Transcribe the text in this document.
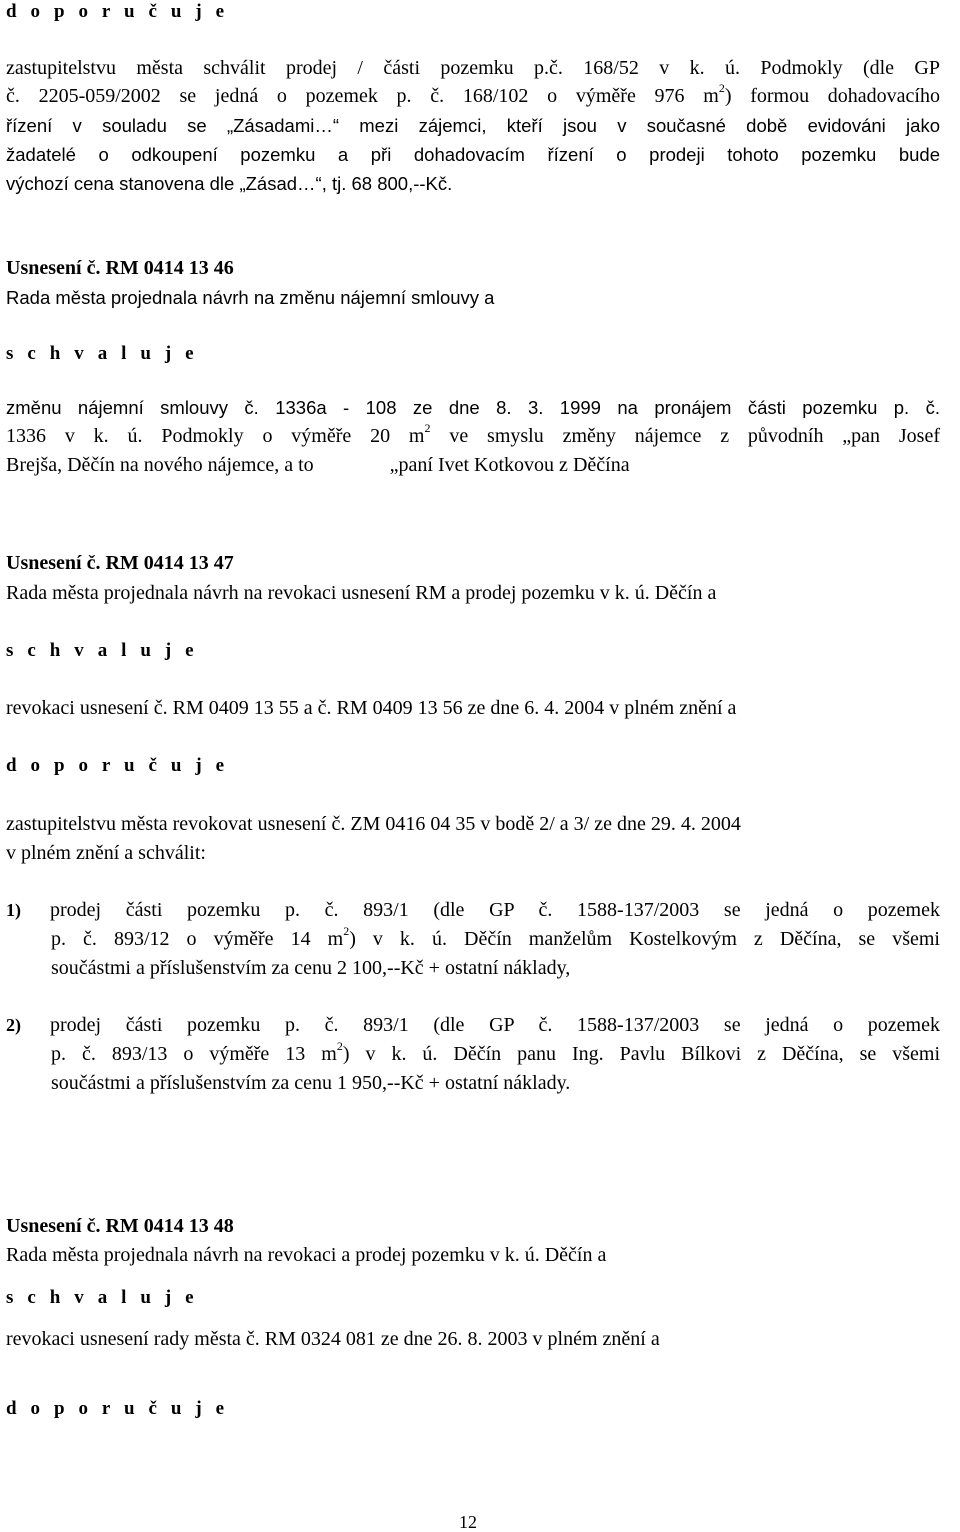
d o p o r u č u j e
zastupitelstvu města schválit prodej / části pozemku p.č. 168/52 v k. ú. Podmokly (dle GP
č. 2205-059/2002 se jedná o pozemek p. č. 168/102 o výměře 976 $m^2$) formou dohadovacího
řízení v souladu se „Zásadami…“ mezi zájemci, kteří jsou v současné době evidováni jako
žadatelé o odkoupení pozemku a při dohadovacím řízení o prodeji tohoto pozemku bude
výchozí cena stanovena dle „Zásad…“, tj. 68 800,--Kč.
Usnesení č. RM 0414 13 46
Rada města projednala návrh na změnu nájemní smlouvy a
s c h v a l u j e
změnu nájemní smlouvy č. 1336a - 108 ze dne 8. 3. 1999 na pronájem části pozemku p. č.
1336 v k. ú. Podmokly o výměře 20 $m^2$ ve smyslu změny nájemce z původníh „pan Josef
Brejša, Děčín na nového nájemce, a to	„paní Ivet Kotkovou z Děčína
Usnesení č. RM 0414 13 47
Rada města projednala návrh na revokaci usnesení RM a prodej pozemku v k. ú. Děčín a
s c h v a l u j e
revokaci usnesení č. RM 0409 13 55 a č. RM 0409 13 56 ze dne 6. 4. 2004 v plném znění a
d o p o r u č u j e
zastupitelstvu města revokovat usnesení č. ZM 0416 04 35 v bodě 2/ a 3/ ze dne 29. 4. 2004
v plném znění a schválit:
1) prodej části pozemku p. č. 893/1 (dle GP č. 1588-137/2003 se jedná o pozemek
p. č. 893/12 o výměře 14 $m^2$) v k. ú. Děčín manželům Kostelkovým z Děčína, se všemi
součástmi a příslušenstvím za cenu 2 100,--Kč + ostatní náklady,
2) prodej části pozemku p. č. 893/1 (dle GP č. 1588-137/2003 se jedná o pozemek
p. č. 893/13 o výměře 13 $m^2$) v k. ú. Děčín panu Ing. Pavlu Bílkovi z Děčína, se všemi
součástmi a příslušenstvím za cenu 1 950,--Kč + ostatní náklady.
Usnesení č. RM 0414 13 48
Rada města projednala návrh na revokaci a prodej pozemku v k. ú. Děčín a
s c h v a l u j e
revokaci usnesení rady města č. RM 0324 081 ze dne 26. 8. 2003 v plném znění a
d o p o r u č u j e
12
